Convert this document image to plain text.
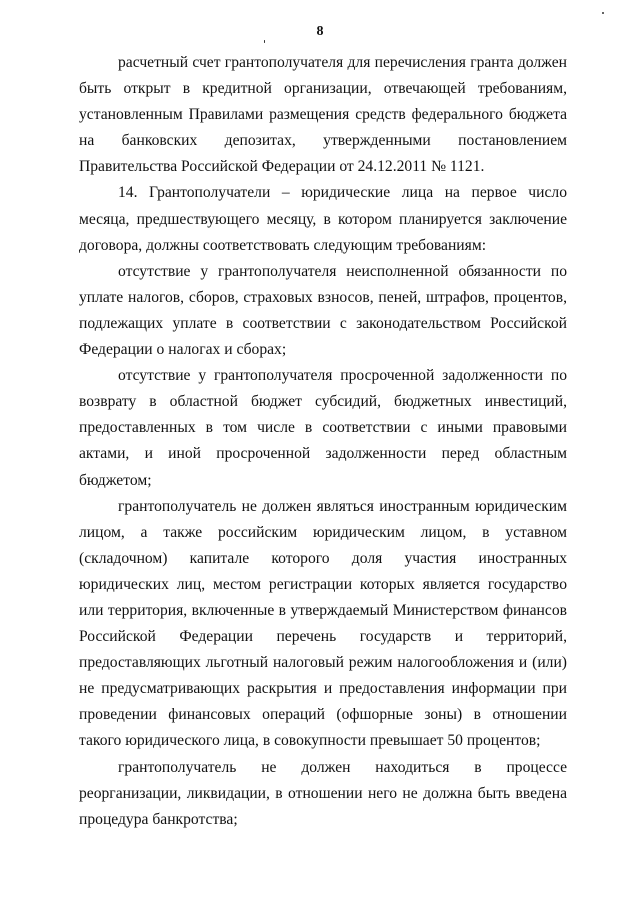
8

расчетный счет грантополучателя для перечисления гранта должен быть открыт в кредитной организации, отвечающей требованиям, установленным Правилами размещения средств федерального бюджета на банковских депозитах, утвержденными постановлением Правительства Российской Федерации от 24.12.2011 № 1121.

14. Грантополучатели – юридические лица на первое число месяца, предшествующего месяцу, в котором планируется заключение договора, должны соответствовать следующим требованиям:

отсутствие у грантополучателя неисполненной обязанности по уплате налогов, сборов, страховых взносов, пеней, штрафов, процентов, подлежащих уплате в соответствии с законодательством Российской Федерации о налогах и сборах;

отсутствие у грантополучателя просроченной задолженности по возврату в областной бюджет субсидий, бюджетных инвестиций, предоставленных в том числе в соответствии с иными правовыми актами, и иной просроченной задолженности перед областным бюджетом;

грантополучатель не должен являться иностранным юридическим лицом, а также российским юридическим лицом, в уставном (складочном) капитале которого доля участия иностранных юридических лиц, местом регистрации которых является государство или территория, включенные в утверждаемый Министерством финансов Российской Федерации перечень государств и территорий, предоставляющих льготный налоговый режим налогообложения и (или) не предусматривающих раскрытия и предоставления информации при проведении финансовых операций (офшорные зоны) в отношении такого юридического лица, в совокупности превышает 50 процентов;

грантополучатель не должен находиться в процессе реорганизации, ликвидации, в отношении него не должна быть введена процедура банкротства;
